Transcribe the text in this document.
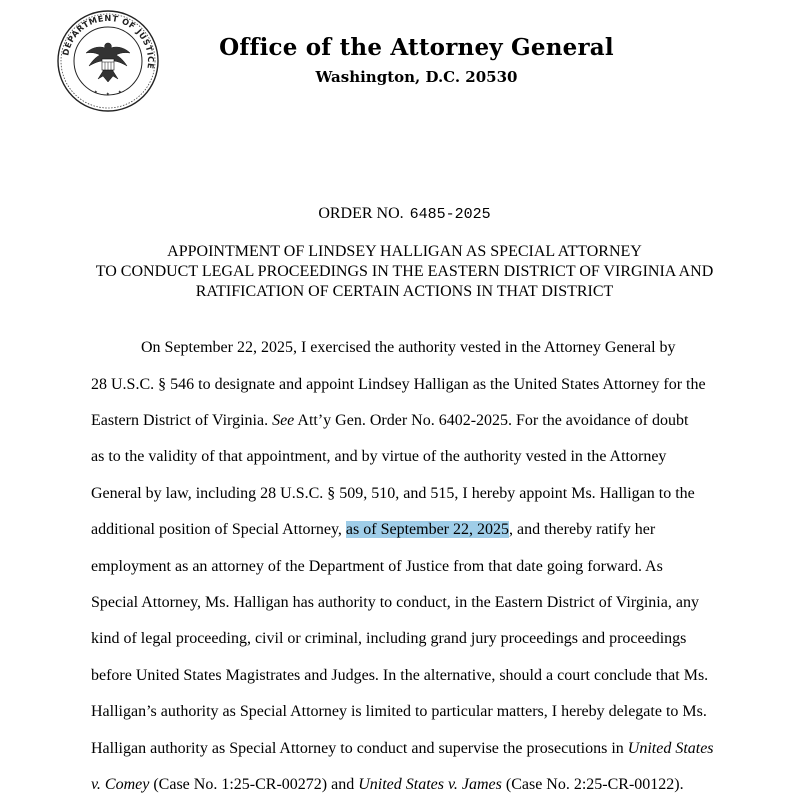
DEPARTMENT OF JUSTICE
★ ★ ★
Office of the Attorney General
Washington, D.C. 20530
ORDER NO. 6485-2025
APPOINTMENT OF LINDSEY HALLIGAN AS SPECIAL ATTORNEY
TO CONDUCT LEGAL PROCEEDINGS IN THE EASTERN DISTRICT OF VIRGINIA AND
RATIFICATION OF CERTAIN ACTIONS IN THAT DISTRICT
On September 22, 2025, I exercised the authority vested in the Attorney General by
28 U.S.C. § 546 to designate and appoint Lindsey Halligan as the United States Attorney for the
Eastern District of Virginia. See Att’y Gen. Order No. 6402-2025. For the avoidance of doubt
as to the validity of that appointment, and by virtue of the authority vested in the Attorney
General by law, including 28 U.S.C. § 509, 510, and 515, I hereby appoint Ms. Halligan to the
additional position of Special Attorney, as of September 22, 2025, and thereby ratify her
employment as an attorney of the Department of Justice from that date going forward. As
Special Attorney, Ms. Halligan has authority to conduct, in the Eastern District of Virginia, any
kind of legal proceeding, civil or criminal, including grand jury proceedings and proceedings
before United States Magistrates and Judges. In the alternative, should a court conclude that Ms.
Halligan’s authority as Special Attorney is limited to particular matters, I hereby delegate to Ms.
Halligan authority as Special Attorney to conduct and supervise the prosecutions in United States
v. Comey (Case No. 1:25-CR-00272) and United States v. James (Case No. 2:25-CR-00122).
